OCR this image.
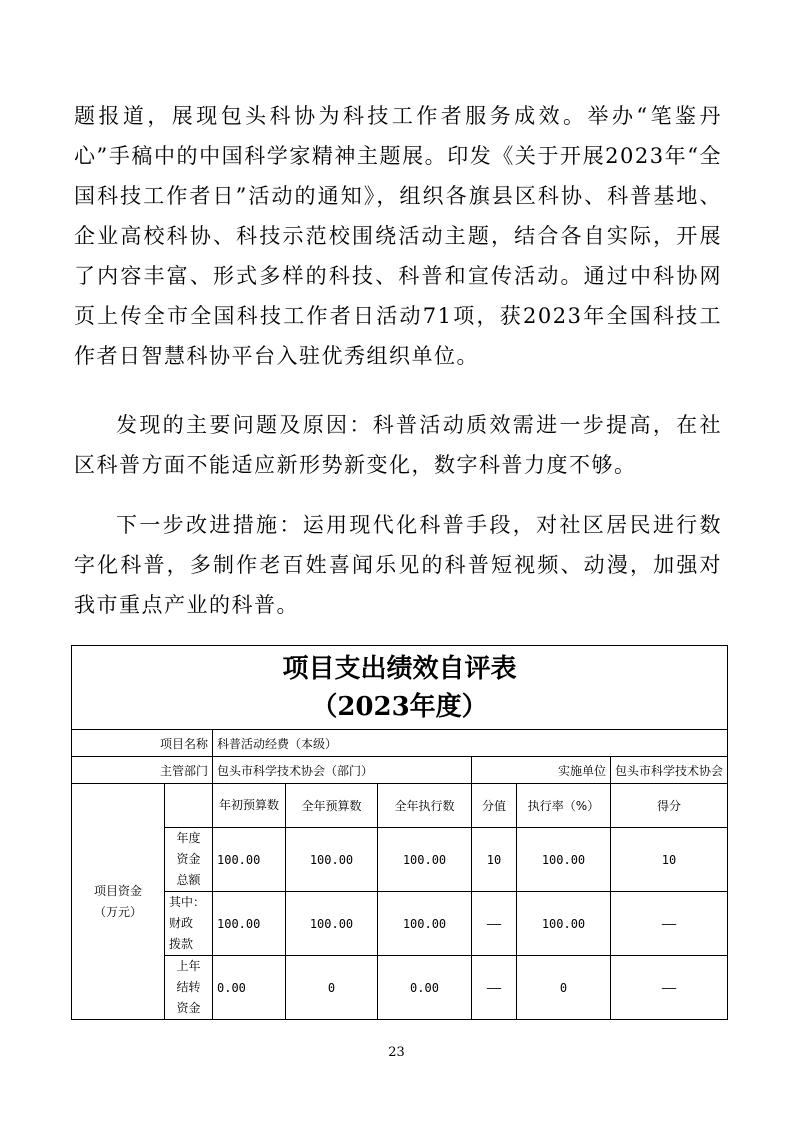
题报道，展现包头科协为科技工作者服务成效。举办“笔鉴丹心”手稿中的中国科学家精神主题展。印发《关于开展2023年“全国科技工作者日”活动的通知》，组织各旗县区科协、科普基地、企业高校科协、科技示范校围绕活动主题，结合各自实际，开展了内容丰富、形式多样的科技、科普和宣传活动。通过中科协网页上传全市全国科技工作者日活动71项，获2023年全国科技工作者日智慧科协平台入驻优秀组织单位。

发现的主要问题及原因：科普活动质效需进一步提高，在社区科普方面不能适应新形势新变化，数字科普力度不够。

下一步改进措施：运用现代化科普手段，对社区居民进行数字化科普，多制作老百姓喜闻乐见的科普短视频、动漫，加强对我市重点产业的科普。

项目支出绩效自评表
（2023年度）							

项目名称		科普活动经费（本级）					
主管部门		包头市科学技术协会（部门）			实施单位		包头市科学技术协会

项目资金
（万元）		年初预算数	全年预算数	全年执行数	分值	执行率（%）	得分

	年度
资金
总额	100.00	100.00	100.00	10	100.00	10

	其中：
财政
拨款	100.00	100.00	100.00	——	100.00	——

	上年
结转
资金	0.00	0	0.00	——	0	——
23
